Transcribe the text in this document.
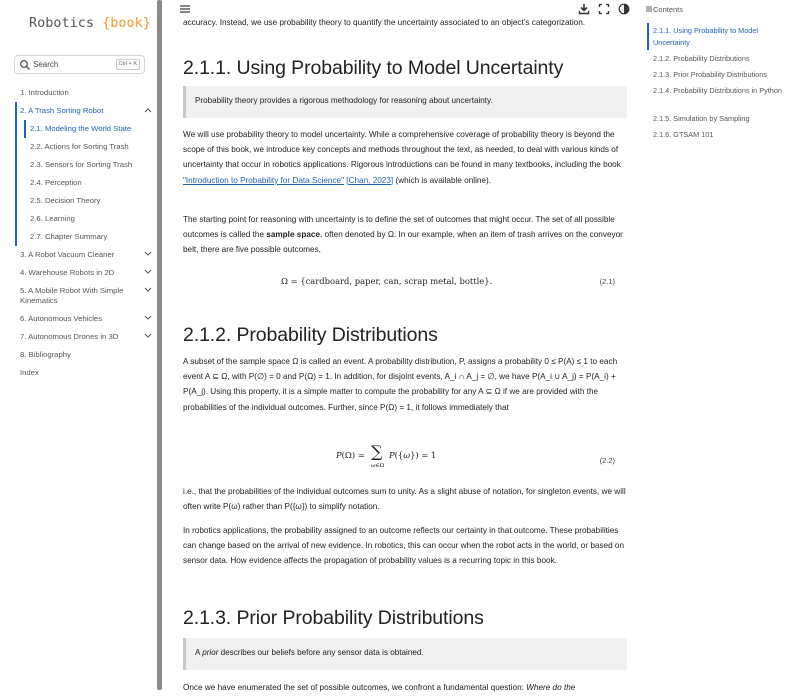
Robotics {book}
Search	Ctrl + K
1. Introduction
2. A Trash Sorting Robot
2.1. Modeling the World State
2.2. Actions for Sorting Trash
2.3. Sensors for Sorting Trash
2.4. Perception
2.5. Decision Theory
2.6. Learning
2.7. Chapter Summary
3. A Robot Vacuum Cleaner
4. Warehouse Robots in 2D
5. A Mobile Robot With Simple Kinematics
6. Autonomous Vehicles
7. Autonomous Drones in 3D
8. Bibliography
Index
accuracy. Instead, we use probability theory to quantify the uncertainty associated to an object’s categorization.
2.1.1. Using Probability to Model Uncertainty
Probability theory provides a rigorous methodology for reasoning about uncertainty.
We will use probability theory to model uncertainty. While a comprehensive coverage of probability theory is beyond the scope of this book, we introduce key concepts and methods throughout the text, as needed, to deal with various kinds of uncertainty that occur in robotics applications. Rigorous introductions can be found in many textbooks, including the book "Introduction to Probability for Data Science" [Chan, 2023] (which is available online).
The starting point for reasoning with uncertainty is to define the set of outcomes that might occur. The set of all possible outcomes is called the sample space, often denoted by Ω. In our example, when an item of trash arrives on the conveyor belt, there are five possible outcomes,
Ω = {cardboard, paper, can, scrap metal, bottle}.	(2.1)
2.1.2. Probability Distributions
A subset of the sample space Ω is called an event. A probability distribution, P, assigns a probability 0 ≤ P(A) ≤ 1 to each event A ⊆ Ω, with P(∅) = 0 and P(Ω) = 1. In addition, for disjoint events, A_i ∩ A_j = ∅, we have P(A_i ∪ A_j) = P(A_i) + P(A_j). Using this property, it is a simple matter to compute the probability for any A ⊆ Ω if we are provided with the probabilities of the individual outcomes. Further, since P(Ω) = 1, it follows immediately that
P(Ω) = ∑
ω∈Ω
P({ω}) = 1
(2.2)
i.e., that the probabilities of the individual outcomes sum to unity. As a slight abuse of notation, for singleton events, we will often write P(ω) rather than P({ω}) to simplify notation.
In robotics applications, the probability assigned to an outcome reflects our certainty in that outcome. These probabilities can change based on the arrival of new evidence. In robotics, this can occur when the robot acts in the world, or based on sensor data. How evidence affects the propagation of probability values is a recurring topic in this book.
2.1.3. Prior Probability Distributions
A prior describes our beliefs before any sensor data is obtained.
Once we have enumerated the set of possible outcomes, we confront a fundamental question: Where do the
Contents
2.1.1. Using Probability to Model Uncertainty
2.1.2. Probability Distributions
2.1.3. Prior Probability Distributions
2.1.4. Probability Distributions in Python
2.1.5. Simulation by Sampling
2.1.6. GTSAM 101
